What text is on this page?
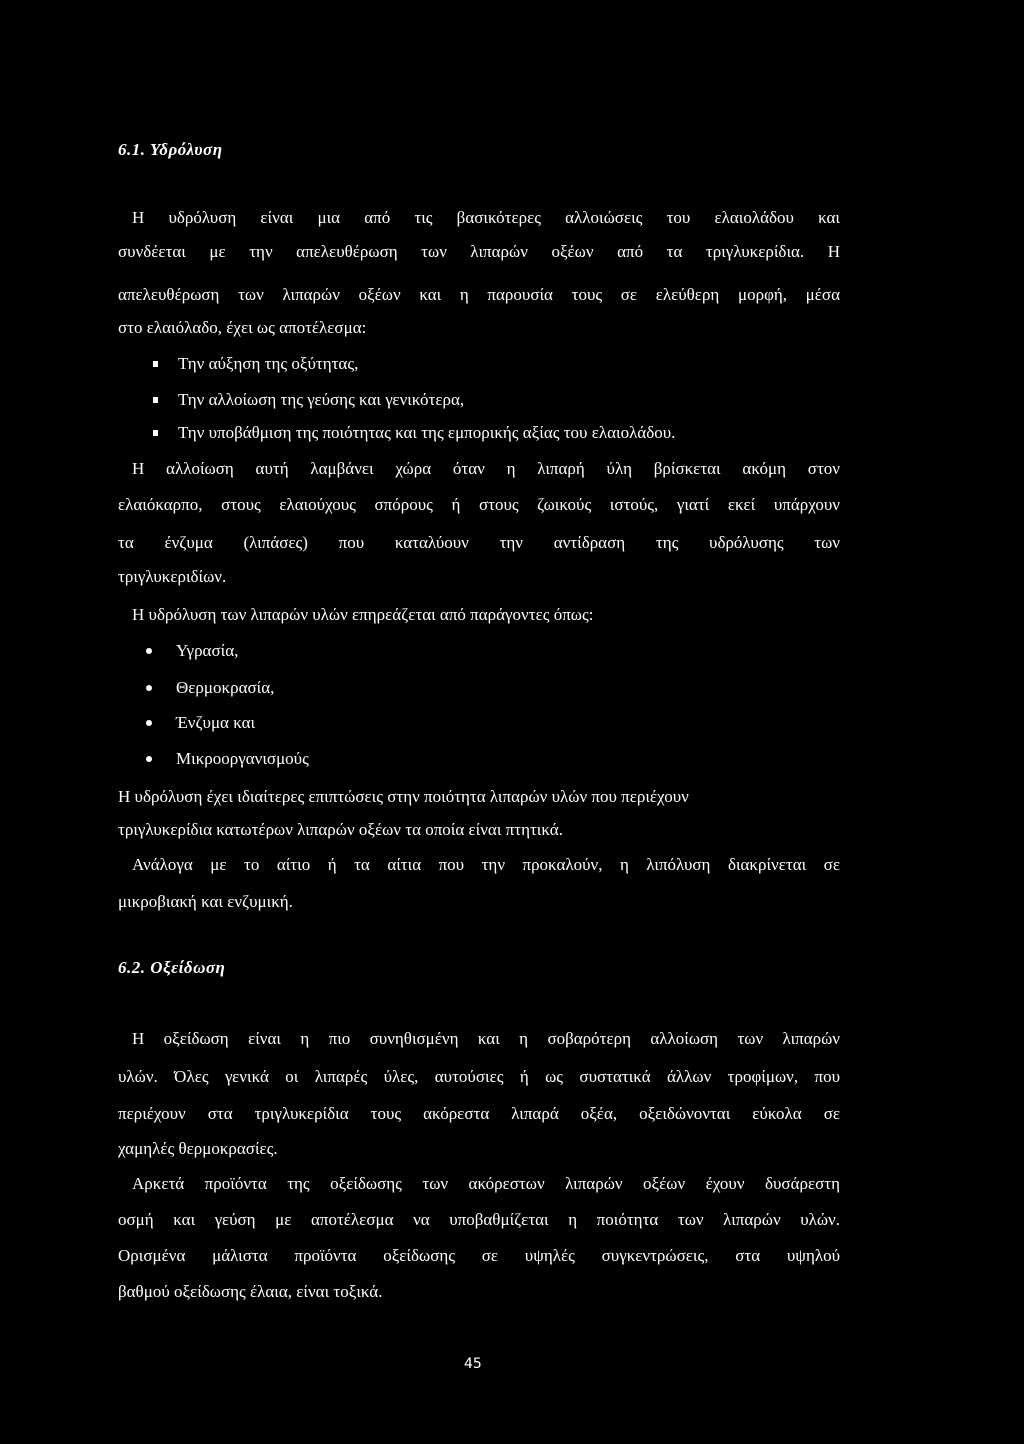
6.1. Υδρόλυση
Η υδρόλυση είναι μια από τις βασικότερες αλλοιώσεις του ελαιολάδου και
συνδέεται με την απελευθέρωση των λιπαρών οξέων από τα τριγλυκερίδια. Η
απελευθέρωση των λιπαρών οξέων και η παρουσία τους σε ελεύθερη μορφή, μέσα
στο ελαιόλαδο, έχει ως αποτέλεσμα:
Την αύξηση της οξύτητας,
Την αλλοίωση της γεύσης και γενικότερα,
Την υποβάθμιση της ποιότητας και της εμπορικής αξίας του ελαιολάδου.
Η αλλοίωση αυτή λαμβάνει χώρα όταν η λιπαρή ύλη βρίσκεται ακόμη στον
ελαιόκαρπο, στους ελαιούχους σπόρους ή στους ζωικούς ιστούς, γιατί εκεί υπάρχουν
τα ένζυμα (λιπάσες) που καταλύουν την αντίδραση της υδρόλυσης των
τριγλυκεριδίων.
Η υδρόλυση των λιπαρών υλών επηρεάζεται από παράγοντες όπως:
Υγρασία,
Θερμοκρασία,
Ένζυμα και
Μικροοργανισμούς
Η υδρόλυση έχει ιδιαίτερες επιπτώσεις στην ποιότητα λιπαρών υλών που περιέχουν
τριγλυκερίδια κατωτέρων λιπαρών οξέων τα οποία είναι πτητικά.
Ανάλογα με το αίτιο ή τα αίτια που την προκαλούν, η λιπόλυση διακρίνεται σε
μικροβιακή και ενζυμική.
6.2. Οξείδωση
Η οξείδωση είναι η πιο συνηθισμένη και η σοβαρότερη αλλοίωση των λιπαρών
υλών. Όλες γενικά οι λιπαρές ύλες, αυτούσιες ή ως συστατικά άλλων τροφίμων, που
περιέχουν στα τριγλυκερίδια τους ακόρεστα λιπαρά οξέα, οξειδώνονται εύκολα σε
χαμηλές θερμοκρασίες.
Αρκετά προϊόντα της οξείδωσης των ακόρεστων λιπαρών οξέων έχουν δυσάρεστη
οσμή και γεύση με αποτέλεσμα να υποβαθμίζεται η ποιότητα των λιπαρών υλών.
Ορισμένα μάλιστα προϊόντα οξείδωσης σε υψηλές συγκεντρώσεις, στα υψηλού
βαθμού οξείδωσης έλαια, είναι τοξικά.
45
